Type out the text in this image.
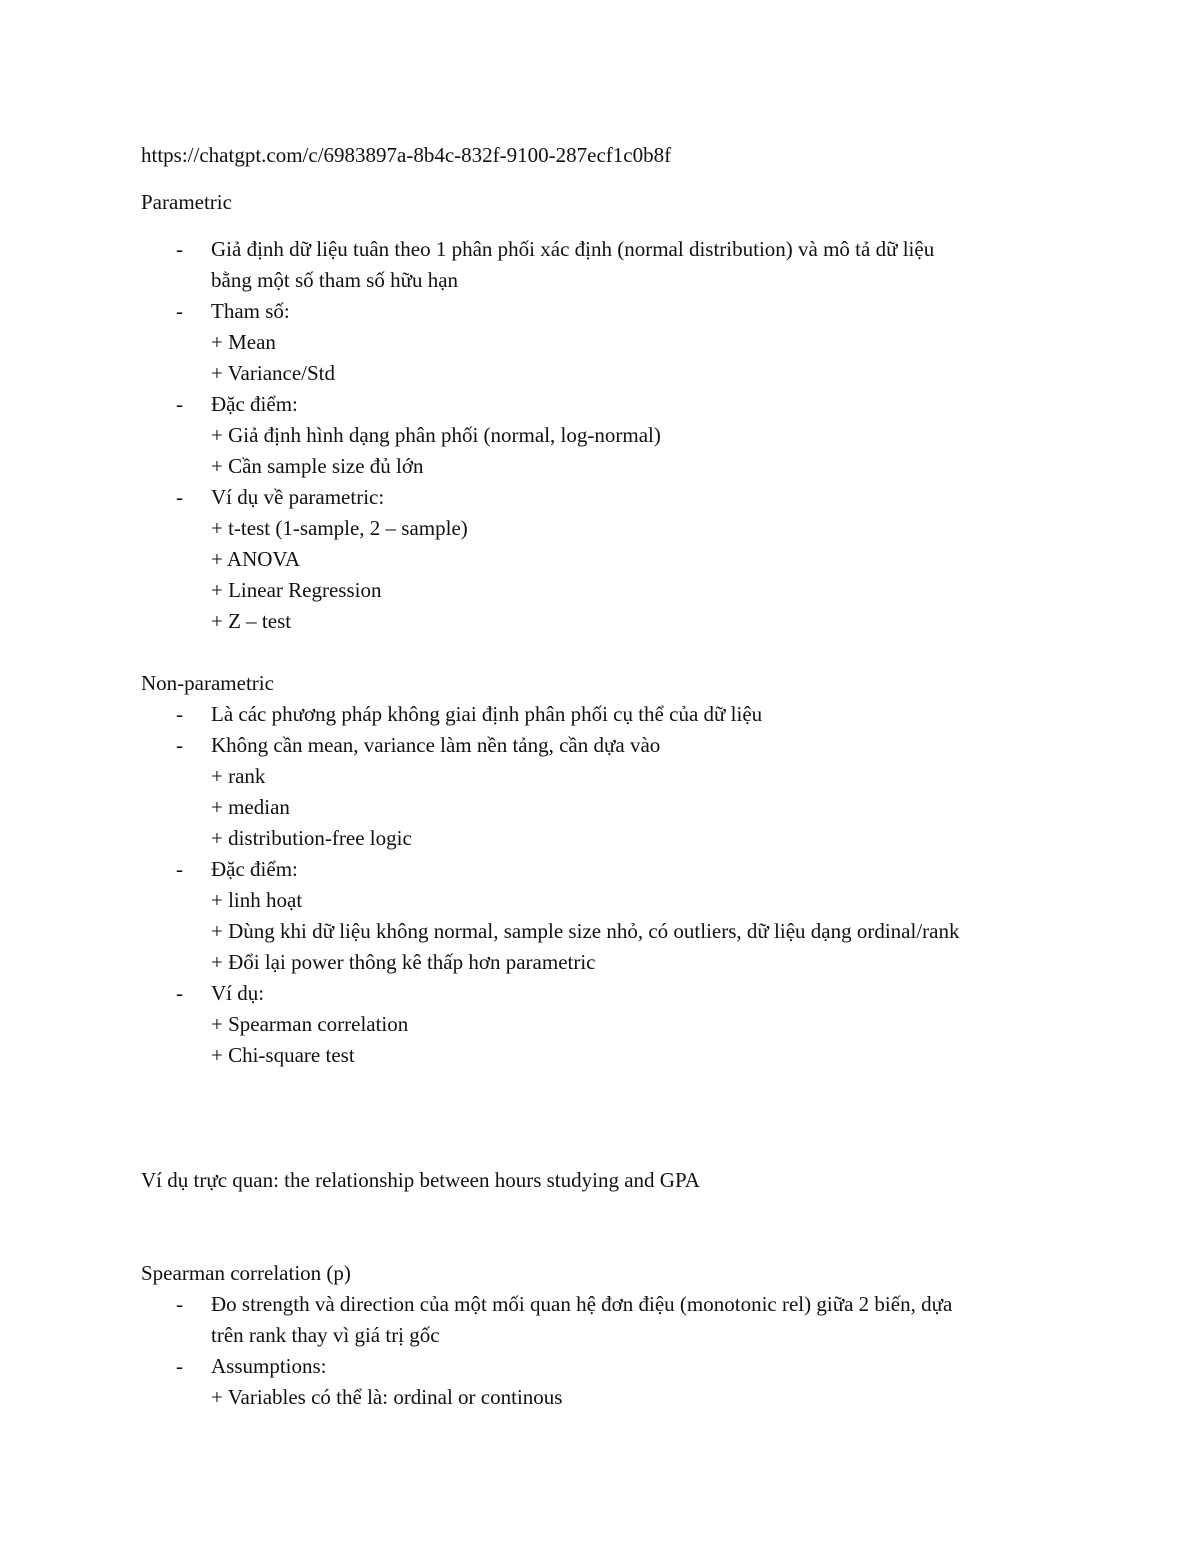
https://chatgpt.com/c/6983897a-8b4c-832f-9100-287ecf1c0b8f
Parametric
- Giả định dữ liệu tuân theo 1 phân phối xác định (normal distribution) và mô tả dữ liệu
bằng một số tham số hữu hạn
- Tham số:
+ Mean
+ Variance/Std
- Đặc điểm:
+ Giả định hình dạng phân phối (normal, log-normal)
+ Cần sample size đủ lớn
- Ví dụ về parametric:
+ t-test (1-sample, 2 – sample)
+ ANOVA
+ Linear Regression
+ Z – test
Non-parametric
- Là các phương pháp không giai định phân phối cụ thể của dữ liệu
- Không cần mean, variance làm nền tảng, cần dựa vào
+ rank
+ median
+ distribution-free logic
- Đặc điểm:
+ linh hoạt
+ Dùng khi dữ liệu không normal, sample size nhỏ, có outliers, dữ liệu dạng ordinal/rank
+ Đổi lại power thông kê thấp hơn parametric
- Ví dụ:
+ Spearman correlation
+ Chi-square test
Ví dụ trực quan: the relationship between hours studying and GPA
Spearman correlation (p)
- Đo strength và direction của một mối quan hệ đơn điệu (monotonic rel) giữa 2 biến, dựa
trên rank thay vì giá trị gốc
- Assumptions:
+ Variables có thể là: ordinal or continous
